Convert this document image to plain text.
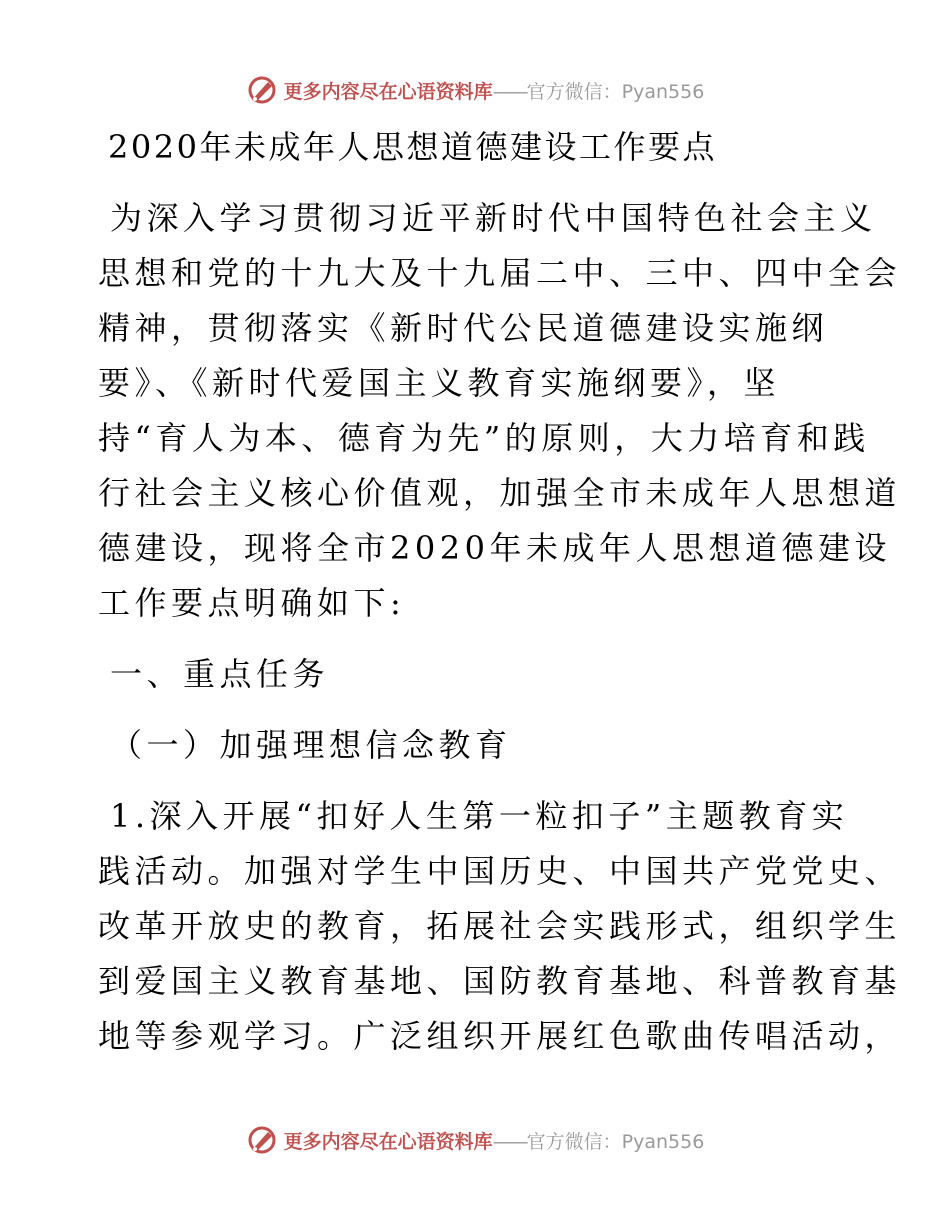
更多内容尽在心语资料库 ——官方微信：Pyan556
2020年未成年人思想道德建设工作要点
为深入学习贯彻习近平新时代中国特色社会主义
思想和党的十九大及十九届二中、三中、四中全会
精神，贯彻落实《新时代公民道德建设实施纲
要》、《新时代爱国主义教育实施纲要》，坚
持“育人为本、德育为先”的原则，大力培育和践
行社会主义核心价值观，加强全市未成年人思想道
德建设，现将全市2020年未成年人思想道德建设
工作要点明确如下:
一、重点任务
（一）加强理想信念教育
1.深入开展“扣好人生第一粒扣子”主题教育实
践活动。加强对学生中国历史、中国共产党党史、
改革开放史的教育，拓展社会实践形式，组织学生
到爱国主义教育基地、国防教育基地、科普教育基
地等参观学习。广泛组织开展红色歌曲传唱活动，
更多内容尽在心语资料库 ——官方微信：Pyan556
